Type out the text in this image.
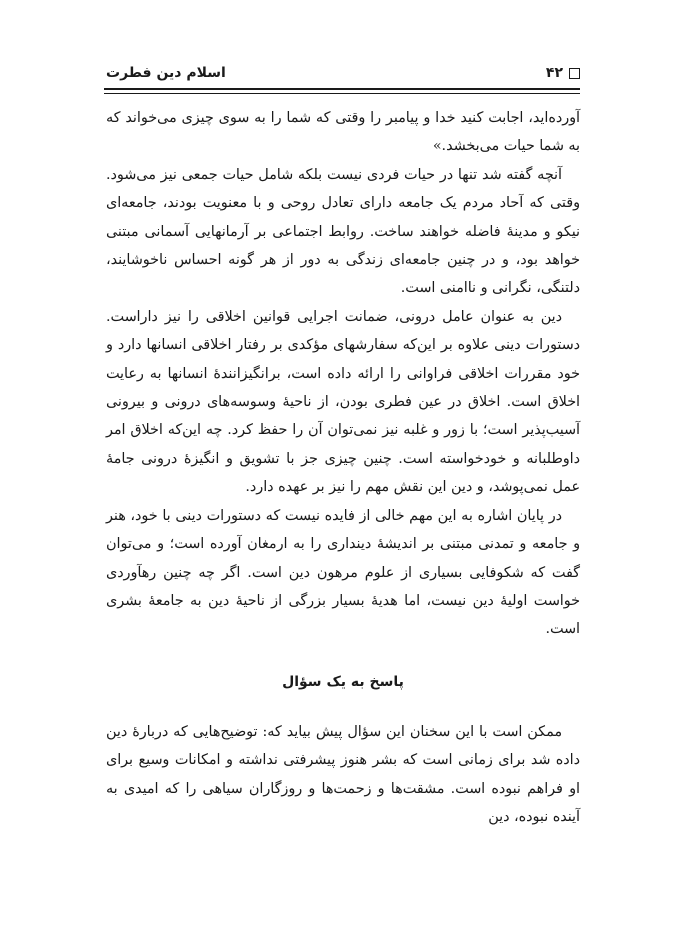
۴۲
اسلام دين فطرت

آورده‌ايد، اجابت كنيد خدا و پيامبر را وقتى كه شما را به سوى چيزى مى‌خواند كه به شما حيات مى‌بخشد.»

آنچه گفته شد تنها در حيات فردى نيست بلكه شامل حيات جمعى نيز مى‌شود. وقتى كه آحاد مردم يک جامعه داراى تعادل روحى و با معنويت بودند، جامعه‌اى نيكو و مدينهٔ فاضله خواهند ساخت. روابط اجتماعى بر آرمانهايى آسمانى مبتنى خواهد بود، و در چنين جامعه‌اى زندگى به دور از هر گونه احساس ناخوشايند، دلتنگى، نگرانى و ناامنى است.

دين به عنوان عامل درونى، ضمانت اجرايى قوانين اخلاقى را نيز داراست. دستورات دينى علاوه بر اين‌كه سفارشهاى مؤكدى بر رفتار اخلاقى انسانها دارد و خود مقررات اخلاقى فراوانى را ارائه داده است، برانگيزانندهٔ انسانها به رعايت اخلاق است. اخلاق در عين فطرى بودن، از ناحيهٔ وسوسه‌هاى درونى و بيرونى آسيب‌پذير است؛ با زور و غلبه نيز نمى‌توان آن را حفظ كرد. چه اين‌كه اخلاق امر داوطلبانه و خودخواسته است. چنين چيزى جز با تشويق و انگيزهٔ درونى جامهٔ عمل نمى‌پوشد، و دين اين نقش مهم را نيز بر عهده دارد.

در پايان اشاره به اين مهم خالى از فايده نيست كه دستورات دينى با خود، هنر و جامعه و تمدنى مبتنى بر انديشهٔ ديندارى را به ارمغان آورده است؛ و مى‌توان گفت كه شكوفايى بسيارى از علوم مرهون دين است. اگر چه چنين رهآوردى خواست اوليهٔ دين نيست، اما هديهٔ بسيار بزرگى از ناحيهٔ دين به جامعهٔ بشرى است.

پاسخ به يک سؤال

ممكن است با اين سخنان اين سؤال پيش بيايد كه: توضيح‌هايى كه دربارهٔ دين داده شد براى زمانى است كه بشر هنوز پيشرفتى نداشته و امكانات وسيع براى او فراهم نبوده است. مشقت‌ها و زحمت‌ها و روزگاران سياهى را كه اميدى به آينده نبوده، دين
